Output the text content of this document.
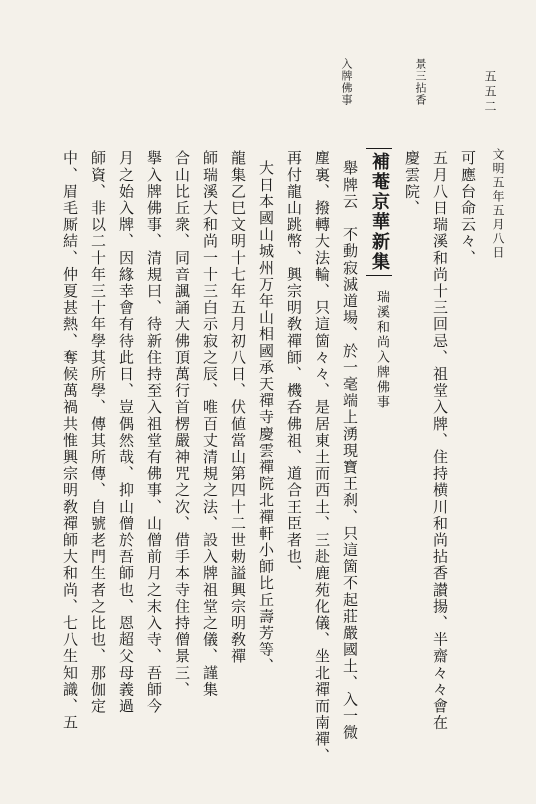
五五二
文明五年五月八日
景三拈香
入牌佛事
可應台命云々、
五月八日瑞溪和尚十三回忌、祖堂入牌、住持横川和尚拈香讃揚、半齋々々會在
慶雲院、
補菴京華新集
瑞溪和尚入牌佛事
舉牌云　不動寂滅道場、於一毫端上湧現寶王刹、只這箇不起莊嚴國土、入一微
塵裏、撥轉大法輪、只這箇々々、是居東土而西土、三赴鹿苑化儀、坐北禪而南禪、
再付龍山跳幣、興宗明敎禪師、機呑佛祖、道合王臣者也、
大日本國山城州万年山相國承天禪寺慶雲禪院北禪軒小師比丘壽芳等、
龍集乙巳文明十七年五月初八日、伏値當山第四十二世勅謚興宗明敎禪
師瑞溪大和尚一十三白示寂之辰、唯百丈清規之法、設入牌祖堂之儀、謹集
合山比丘衆、同音諷誦大佛頂萬行首楞嚴神咒之次、借手本寺住持僧景三、
擧入牌佛事、清規曰、待新住持至入祖堂有佛事、山僧前月之末入寺、吾師今
月之始入牌、因緣幸會有待此日、豈偶然哉、抑山僧於吾師也、恩超父母義過
師資、非以二十年三十年學其所學、傳其所傳、自號老門生者之比也、那伽定
中、眉毛厮結、仲夏甚熱、奪候萬禍共惟興宗明敎禪師大和尚、七八生知識、五
